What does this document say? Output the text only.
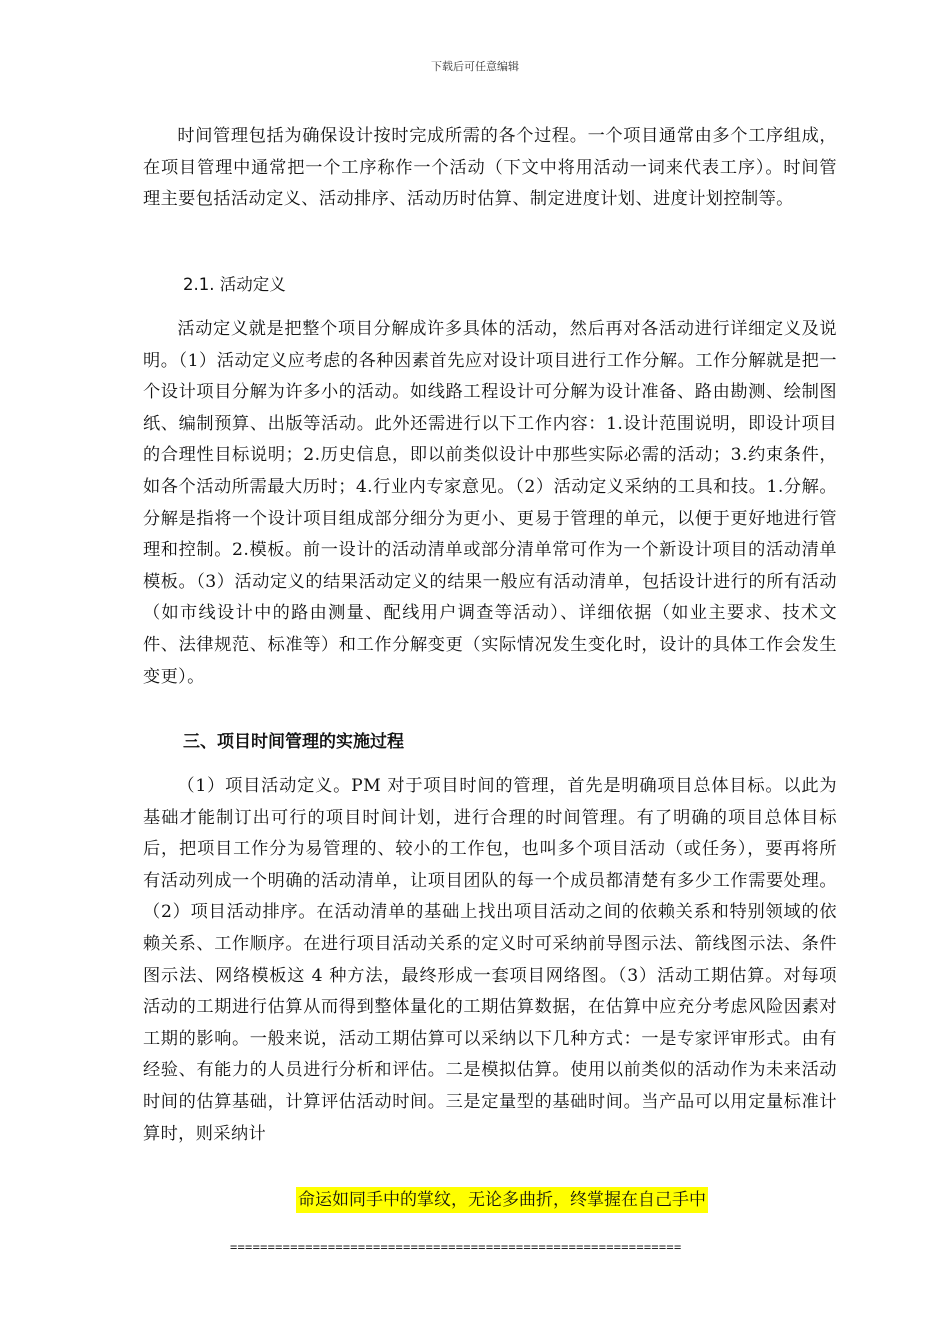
下载后可任意编辑

时间管理包括为确保设计按时完成所需的各个过程。一个项目通常由多个工序组成，在项目管理中通常把一个工序称作一个活动（下文中将用活动一词来代表工序）。时间管理主要包括活动定义、活动排序、活动历时估算、制定进度计划、进度计划控制等。

2.1. 活动定义

活动定义就是把整个项目分解成许多具体的活动，然后再对各活动进行详细定义及说明。（1）活动定义应考虑的各种因素首先应对设计项目进行工作分解。工作分解就是把一个设计项目分解为许多小的活动。如线路工程设计可分解为设计准备、路由勘测、绘制图纸、编制预算、出版等活动。此外还需进行以下工作内容：1.设计范围说明，即设计项目的合理性目标说明；2.历史信息，即以前类似设计中那些实际必需的活动；3.约束条件，如各个活动所需最大历时；4.行业内专家意见。（2）活动定义采纳的工具和技。1.分解。分解是指将一个设计项目组成部分细分为更小、更易于管理的单元，以便于更好地进行管理和控制。2.模板。前一设计的活动清单或部分清单常可作为一个新设计项目的活动清单模板。（3）活动定义的结果活动定义的结果一般应有活动清单，包括设计进行的所有活动（如市线设计中的路由测量、配线用户调查等活动）、详细依据（如业主要求、技术文件、法律规范、标准等）和工作分解变更（实际情况发生变化时，设计的具体工作会发生变更）。

三、项目时间管理的实施过程

（1）项目活动定义。PM 对于项目时间的管理，首先是明确项目总体目标。以此为基础才能制订出可行的项目时间计划，进行合理的时间管理。有了明确的项目总体目标后，把项目工作分为易管理的、较小的工作包，也叫多个项目活动（或任务），要再将所有活动列成一个明确的活动清单，让项目团队的每一个成员都清楚有多少工作需要处理。（2）项目活动排序。在活动清单的基础上找出项目活动之间的依赖关系和特别领域的依赖关系、工作顺序。在进行项目活动关系的定义时可采纳前导图示法、箭线图示法、条件图示法、网络模板这 4 种方法，最终形成一套项目网络图。（3）活动工期估算。对每项活动的工期进行估算从而得到整体量化的工期估算数据，在估算中应充分考虑风险因素对工期的影响。一般来说，活动工期估算可以采纳以下几种方式：一是专家评审形式。由有经验、有能力的人员进行分析和评估。二是模拟估算。使用以前类似的活动作为未来活动时间的估算基础，计算评估活动时间。三是定量型的基础时间。当产品可以用定量标准计算时，则采纳计

命运如同手中的掌纹，无论多曲折，终掌握在自己手中
============================================================
